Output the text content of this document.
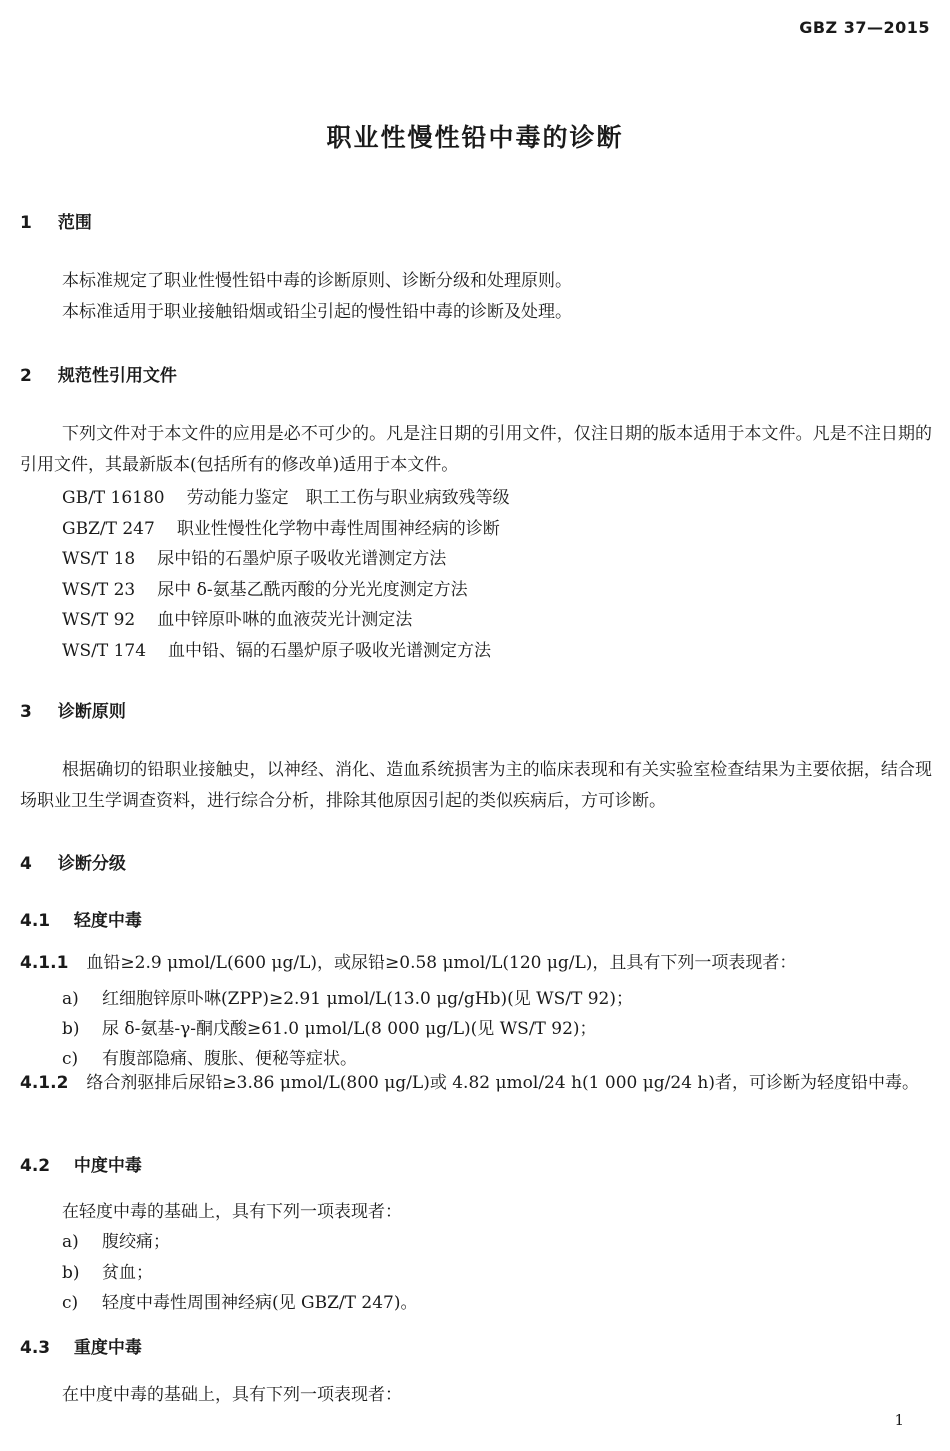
GBZ 37—2015
职业性慢性铅中毒的诊断
1 范围
本标准规定了职业性慢性铅中毒的诊断原则、诊断分级和处理原则。
本标准适用于职业接触铅烟或铅尘引起的慢性铅中毒的诊断及处理。
2 规范性引用文件
下列文件对于本文件的应用是必不可少的。凡是注日期的引用文件，仅注日期的版本适用于本文件。凡是不注日期的引用文件，其最新版本(包括所有的修改单)适用于本文件。
GB/T 16180 劳动能力鉴定　职工工伤与职业病致残等级
GBZ/T 247 职业性慢性化学物中毒性周围神经病的诊断
WS/T 18 尿中铅的石墨炉原子吸收光谱测定方法
WS/T 23 尿中 δ-氨基乙酰丙酸的分光光度测定方法
WS/T 92 血中锌原卟啉的血液荧光计测定法
WS/T 174 血中铅、镉的石墨炉原子吸收光谱测定方法
3 诊断原则
根据确切的铅职业接触史，以神经、消化、造血系统损害为主的临床表现和有关实验室检查结果为主要依据，结合现场职业卫生学调查资料，进行综合分析，排除其他原因引起的类似疾病后，方可诊断。
4 诊断分级
4.1 轻度中毒
4.1.1 血铅≥2.9 μmol/L(600 μg/L)，或尿铅≥0.58 μmol/L(120 μg/L)，且具有下列一项表现者：
a) 红细胞锌原卟啉(ZPP)≥2.91 μmol/L(13.0 μg/gHb)(见 WS/T 92)；
b) 尿 δ-氨基-γ-酮戊酸≥61.0 μmol/L(8 000 μg/L)(见 WS/T 92)；
c) 有腹部隐痛、腹胀、便秘等症状。
4.1.2 络合剂驱排后尿铅≥3.86 μmol/L(800 μg/L)或 4.82 μmol/24 h(1 000 μg/24 h)者，可诊断为轻度铅中毒。
4.2 中度中毒
在轻度中毒的基础上，具有下列一项表现者：
a) 腹绞痛；
b) 贫血；
c) 轻度中毒性周围神经病(见 GBZ/T 247)。
4.3 重度中毒
在中度中毒的基础上，具有下列一项表现者：
1
